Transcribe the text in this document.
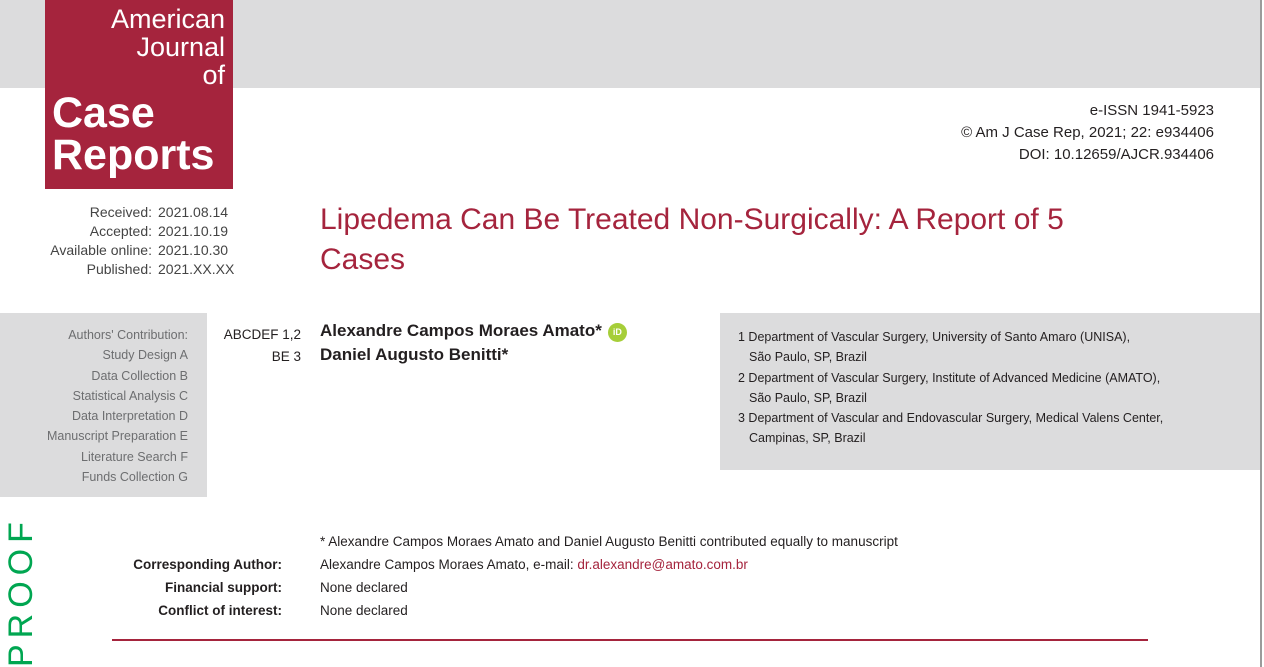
American
Journal
of
Case
Reports
e-ISSN 1941-5923
© Am J Case Rep, 2021; 22: e934406
DOI: 10.12659/AJCR.934406
Received: 2021.08.14
Accepted: 2021.10.19
Available online: 2021.10.30
Published: 2021.XX.XX
Lipedema Can Be Treated Non-Surgically: A Report of 5 Cases
Authors' Contribution:
Study Design A
Data Collection B
Statistical Analysis C
Data Interpretation D
Manuscript Preparation E
Literature Search F
Funds Collection G
ABCDEF 1,2
BE 3
Alexandre Campos Moraes Amato* iD
Daniel Augusto Benitti*
1 Department of Vascular Surgery, University of Santo Amaro (UNISA),
São Paulo, SP, Brazil
2 Department of Vascular Surgery, Institute of Advanced Medicine (AMATO),
São Paulo, SP, Brazil
3 Department of Vascular and Endovascular Surgery, Medical Valens Center,
Campinas, SP, Brazil
* Alexandre Campos Moraes Amato and Daniel Augusto Benitti contributed equally to manuscript
Corresponding Author:	Alexandre Campos Moraes Amato, e-mail: dr.alexandre@amato.com.br
Financial support:	None declared
Conflict of interest:	None declared
PROOF
